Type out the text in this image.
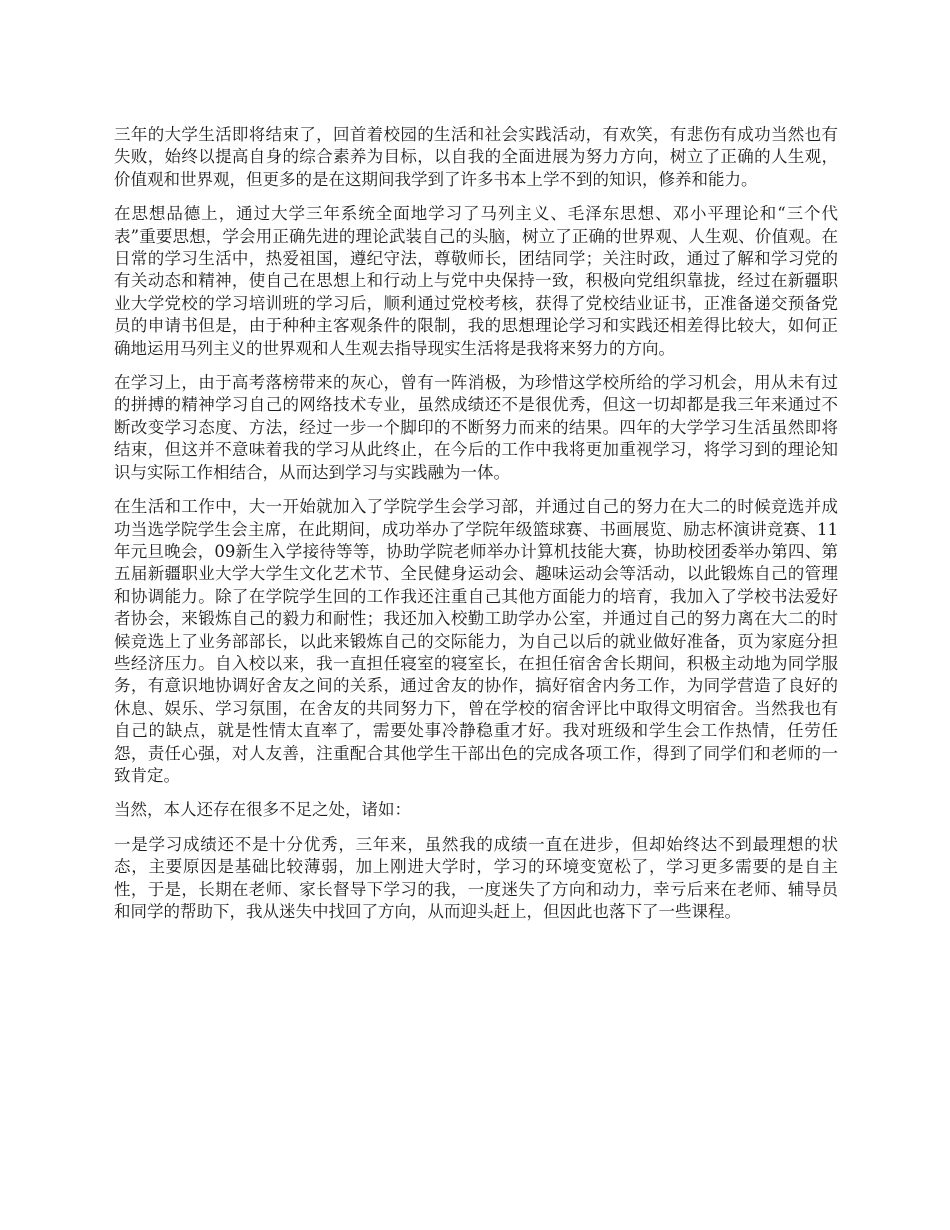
三年的大学生活即将结束了，回首着校园的生活和社会实践活动，有欢笑，有悲伤有成功当然也有失败，始终以提高自身的综合素养为目标，以自我的全面进展为努力方向，树立了正确的人生观，价值观和世界观，但更多的是在这期间我学到了许多书本上学不到的知识，修养和能力。

在思想品德上，通过大学三年系统全面地学习了马列主义、毛泽东思想、邓小平理论和“三个代表”重要思想，学会用正确先进的理论武装自己的头脑，树立了正确的世界观、人生观、价值观。在日常的学习生活中，热爱祖国，遵纪守法，尊敬师长，团结同学；关注时政，通过了解和学习党的有关动态和精神，使自己在思想上和行动上与党中央保持一致，积极向党组织靠拢，经过在新疆职业大学党校的学习培训班的学习后，顺利通过党校考核，获得了党校结业证书，正准备递交预备党员的申请书但是，由于种种主客观条件的限制，我的思想理论学习和实践还相差得比较大，如何正确地运用马列主义的世界观和人生观去指导现实生活将是我将来努力的方向。

在学习上，由于高考落榜带来的灰心，曾有一阵消极，为珍惜这学校所给的学习机会，用从未有过的拼搏的精神学习自己的网络技术专业，虽然成绩还不是很优秀，但这一切却都是我三年来通过不断改变学习态度、方法，经过一步一个脚印的不断努力而来的结果。四年的大学学习生活虽然即将结束，但这并不意味着我的学习从此终止，在今后的工作中我将更加重视学习，将学习到的理论知识与实际工作相结合，从而达到学习与实践融为一体。

在生活和工作中，大一开始就加入了学院学生会学习部，并通过自己的努力在大二的时候竞选并成功当选学院学生会主席，在此期间，成功举办了学院年级篮球赛、书画展览、励志杯演讲竞赛、11年元旦晚会，09新生入学接待等等，协助学院老师举办计算机技能大赛，协助校团委举办第四、第五届新疆职业大学大学生文化艺术节、全民健身运动会、趣味运动会等活动，以此锻炼自己的管理和协调能力。除了在学院学生回的工作我还注重自己其他方面能力的培育，我加入了学校书法爱好者协会，来锻炼自己的毅力和耐性；我还加入校勤工助学办公室，并通过自己的努力离在大二的时候竞选上了业务部部长，以此来锻炼自己的交际能力，为自己以后的就业做好准备，页为家庭分担些经济压力。自入校以来，我一直担任寝室的寝室长，在担任宿舍舍长期间，积极主动地为同学服务，有意识地协调好舍友之间的关系，通过舍友的协作，搞好宿舍内务工作，为同学营造了良好的休息、娱乐、学习氛围，在舍友的共同努力下，曾在学校的宿舍评比中取得文明宿舍。当然我也有自己的缺点，就是性情太直率了，需要处事冷静稳重才好。我对班级和学生会工作热情，任劳任怨，责任心强，对人友善，注重配合其他学生干部出色的完成各项工作，得到了同学们和老师的一致肯定。

当然，本人还存在很多不足之处，诸如：

一是学习成绩还不是十分优秀，三年来，虽然我的成绩一直在进步，但却始终达不到最理想的状态，主要原因是基础比较薄弱，加上刚进大学时，学习的环境变宽松了，学习更多需要的是自主性，于是，长期在老师、家长督导下学习的我，一度迷失了方向和动力，幸亏后来在老师、辅导员和同学的帮助下，我从迷失中找回了方向，从而迎头赶上，但因此也落下了一些课程。
